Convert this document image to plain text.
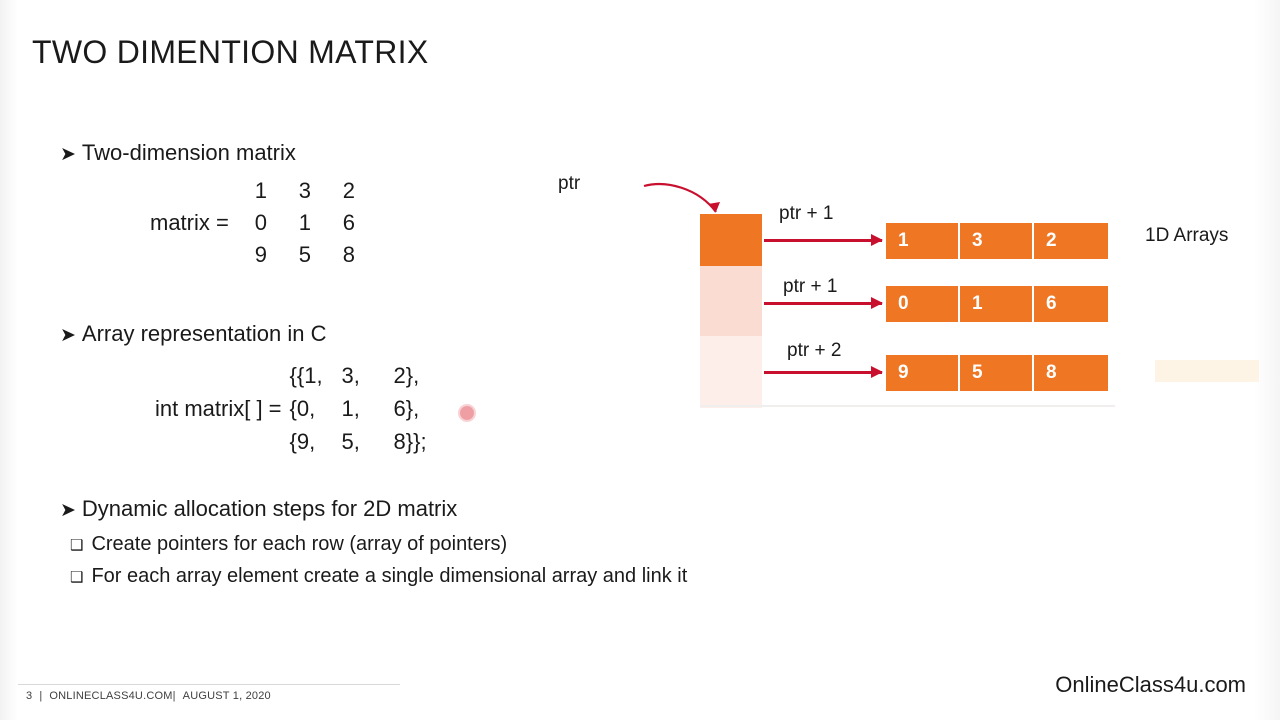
TWO DIMENTION MATRIX
➤ Two-dimension matrix
matrix =
1	3	2
0	1	6
9	5	8
➤ Array representation in C
int matrix[ ] =
{{1, 3,	2},
{0,	1,	6},
{9,	5,	8}};
➤ Dynamic allocation steps for 2D matrix
❑ Create pointers for each row (array of pointers)
❑ For each array element create a single dimensional array and link it
ptr
ptr + 1
ptr + 1
ptr + 2
1	3	2
0	1	6
9	5	8
1D Arrays
3 | ONLINECLASS4U.COM| AUGUST 1, 2020	OnlineClass4u.com
